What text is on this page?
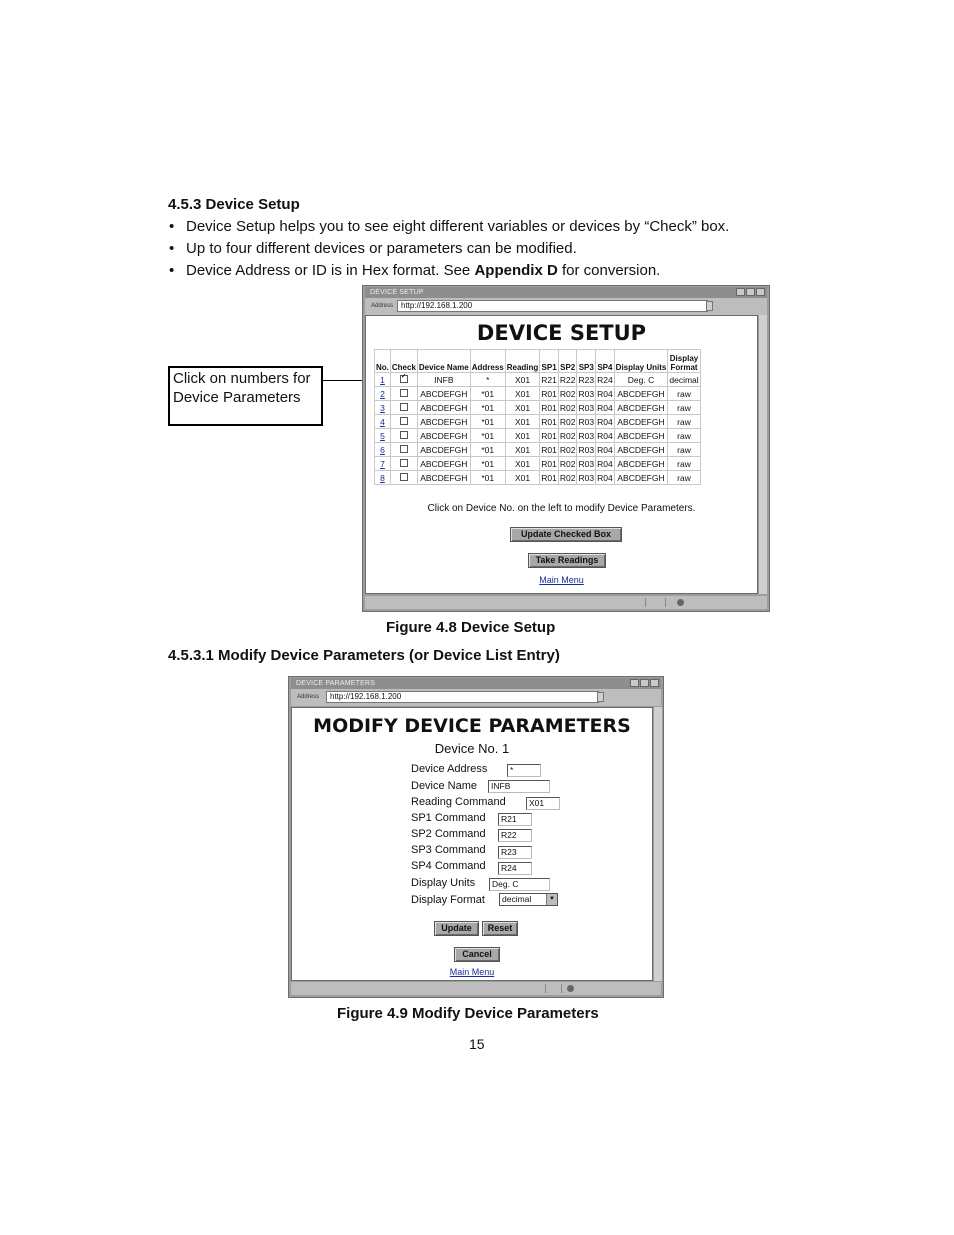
4.5.3 Device Setup
• Device Setup helps you to see eight different variables or devices by “Check” box.
• Up to four different devices or parameters can be modified.
• Device Address or ID is in Hex format. See Appendix D for conversion.
Click on numbers for
Device Parameters
DEVICE SETUP
Address http://192.168.1.200
DEVICE SETUP
No.	Check	Device Name	Address	Reading	SP1	SP2	SP3	SP4	Display Units	Display
Format
1	✓	INFB	*	X01	R21	R22	R23	R24	Deg. C	decimal
2		ABCDEFGH	*01	X01	R01	R02	R03	R04	ABCDEFGH	raw
3		ABCDEFGH	*01	X01	R01	R02	R03	R04	ABCDEFGH	raw
4		ABCDEFGH	*01	X01	R01	R02	R03	R04	ABCDEFGH	raw
5		ABCDEFGH	*01	X01	R01	R02	R03	R04	ABCDEFGH	raw
6		ABCDEFGH	*01	X01	R01	R02	R03	R04	ABCDEFGH	raw
7		ABCDEFGH	*01	X01	R01	R02	R03	R04	ABCDEFGH	raw
8		ABCDEFGH	*01	X01	R01	R02	R03	R04	ABCDEFGH	raw
Click on Device No. on the left to modify Device Parameters.
Update Checked Box
Take Readings
Main Menu
Figure 4.8 Device Setup
4.5.3.1 Modify Device Parameters (or Device List Entry)
DEVICE PARAMETERS
Address	http://192.168.1.200
MODIFY DEVICE PARAMETERS
Device No. 1
Device Address	*
Device Name	INFB
Reading Command	X01
SP1 Command	R21
SP2 Command	R22
SP3 Command	R23
SP4 Command	R24
Display Units	Deg. C
Display Format	decimal	▼
Update	Reset
Cancel
Main Menu
Figure 4.9 Modify Device Parameters
15
